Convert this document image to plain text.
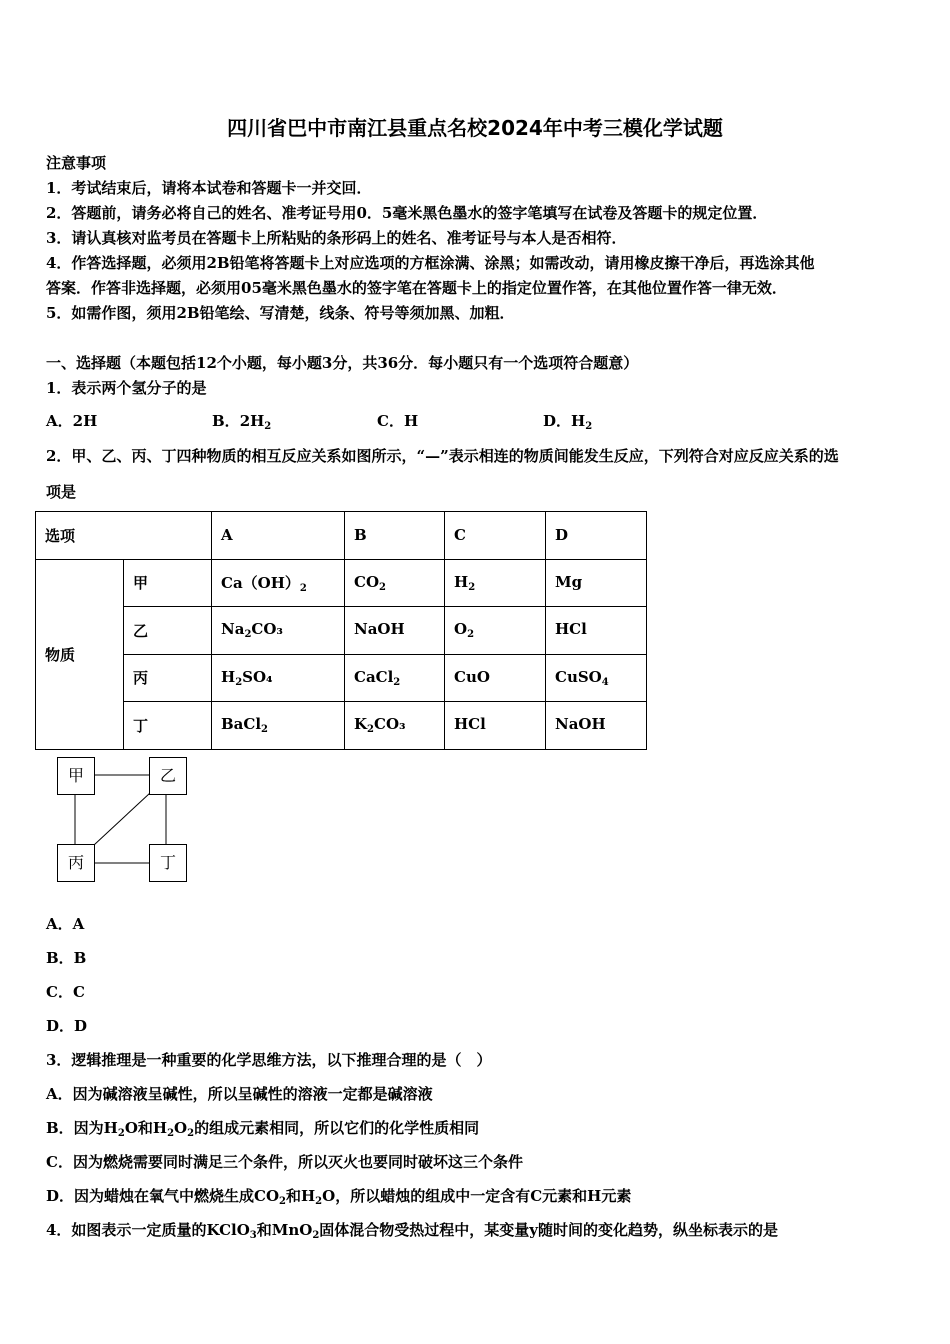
四川省巴中市南江县重点名校2024年中考三模化学试题
注意事项
1．考试结束后，请将本试卷和答题卡一并交回．
2．答题前，请务必将自己的姓名、准考证号用0．5毫米黑色墨水的签字笔填写在试卷及答题卡的规定位置．
3．请认真核对监考员在答题卡上所粘贴的条形码上的姓名、准考证号与本人是否相符．
4．作答选择题，必须用2B铅笔将答题卡上对应选项的方框涂满、涂黑；如需改动，请用橡皮擦干净后，再选涂其他
答案．作答非选择题，必须用05毫米黑色墨水的签字笔在答题卡上的指定位置作答，在其他位置作答一律无效．
5．如需作图，须用2B铅笔绘、写清楚，线条、符号等须加黑、加粗．
一、选择题（本题包括12个小题，每小题3分，共36分．每小题只有一个选项符合题意）
1．表示两个氢分子的是
A．2H	B．$2H_2$	C．H	D．$H_2$
2．甲、乙、丙、丁四种物质的相互反应关系如图所示，“—”表示相连的物质间能发生反应，下列符合对应反应关系的选
项是
选项		A	B	C	D
物质	甲	$Ca(OH)_2$	$CO_2$	$H_2$	Mg
	乙	$Na_2CO_3$	NaOH	$O_2$	HCl
	丙	$H_2SO_4$	CaCl$_2$	CuO	CuSO$_4$
	丁	BaCl$_2$	$K_2CO_3$	HCl	NaOH
甲	乙
丙	丁
A．A
B．B
C．C
D．D
3．逻辑推理是一种重要的化学思维方法，以下推理合理的是（　）
A．因为碱溶液呈碱性，所以呈碱性的溶液一定都是碱溶液
B．因为$H_2O$和$H_2O_2$的组成元素相同，所以它们的化学性质相同
C．因为燃烧需要同时满足三个条件，所以灭火也要同时破坏这三个条件
D．因为蜡烛在氧气中燃烧生成$CO_2$和$H_2O$，所以蜡烛的组成中一定含有C元素和H元素
4．如图表示一定质量的KClO$_3$和MnO$_2$固体混合物受热过程中，某变量y随时间的变化趋势，纵坐标表示的是
